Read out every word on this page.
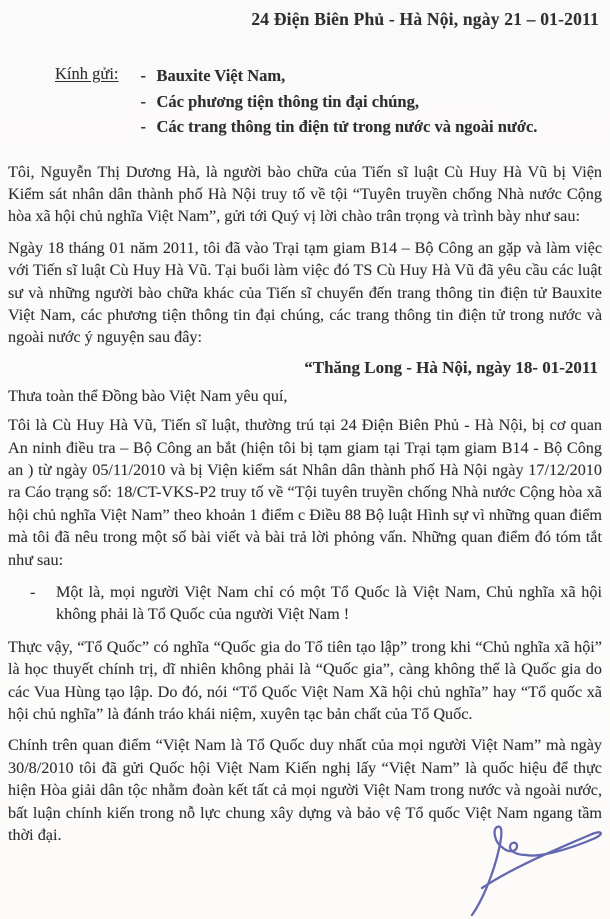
24 Điện Biên Phủ - Hà Nội, ngày 21 – 01-2011
Kính gửi: - Bauxite Việt Nam,
- Các phương tiện thông tin đại chúng,
- Các trang thông tin điện tử trong nước và ngoài nước.

Tôi, Nguyễn Thị Dương Hà, là người bào chữa của Tiến sĩ luật Cù Huy Hà Vũ bị Viện Kiểm sát nhân dân thành phố Hà Nội truy tố về tội “Tuyên truyền chống Nhà nước Cộng hòa xã hội chủ nghĩa Việt Nam”, gửi tới Quý vị lời chào trân trọng và trình bày như sau:

Ngày 18 tháng 01 năm 2011, tôi đã vào Trại tạm giam B14 – Bộ Công an gặp và làm việc với Tiến sĩ luật Cù Huy Hà Vũ. Tại buổi làm việc đó TS Cù Huy Hà Vũ đã yêu cầu các luật sư và những người bào chữa khác của Tiến sĩ chuyển đến trang thông tin điện tử Bauxite Việt Nam, các phương tiện thông tin đại chúng, các trang thông tin điện tử trong nước và ngoài nước ý nguyện sau đây:

“Thăng Long - Hà Nội, ngày 18- 01-2011

Thưa toàn thể Đồng bào Việt Nam yêu quí,

Tôi là Cù Huy Hà Vũ, Tiến sĩ luật, thường trú tại 24 Điện Biên Phủ - Hà Nội, bị cơ quan An ninh điều tra – Bộ Công an bắt (hiện tôi bị tạm giam tại Trại tạm giam B14 - Bộ Công an ) từ ngày 05/11/2010 và bị Viện kiểm sát Nhân dân thành phố Hà Nội ngày 17/12/2010 ra Cáo trạng số: 18/CT-VKS-P2 truy tố về “Tội tuyên truyền chống Nhà nước Cộng hòa xã hội chủ nghĩa Việt Nam” theo khoản 1 điểm c Điều 88 Bộ luật Hình sự vì những quan điểm mà tôi đã nêu trong một số bài viết và bài trả lời phỏng vấn. Những quan điểm đó tóm tắt như sau:

-	Một là, mọi người Việt Nam chỉ có một Tổ Quốc là Việt Nam, Chủ nghĩa xã hội không phải là Tổ Quốc của người Việt Nam !

Thực vậy, “Tổ Quốc” có nghĩa “Quốc gia do Tổ tiên tạo lập” trong khi “Chủ nghĩa xã hội” là học thuyết chính trị, dĩ nhiên không phải là “Quốc gia”, càng không thể là Quốc gia do các Vua Hùng tạo lập. Do đó, nói “Tổ Quốc Việt Nam Xã hội chủ nghĩa” hay “Tổ quốc xã hội chủ nghĩa” là đánh tráo khái niệm, xuyên tạc bản chất của Tổ Quốc.

Chính trên quan điểm “Việt Nam là Tổ Quốc duy nhất của mọi người Việt Nam” mà ngày 30/8/2010 tôi đã gửi Quốc hội Việt Nam Kiến nghị lấy “Việt Nam” là quốc hiệu để thực hiện Hòa giải dân tộc nhằm đoàn kết tất cả mọi người Việt Nam trong nước và ngoài nước, bất luận chính kiến trong nỗ lực chung xây dựng và bảo vệ Tổ quốc Việt Nam ngang tầm thời đại.
